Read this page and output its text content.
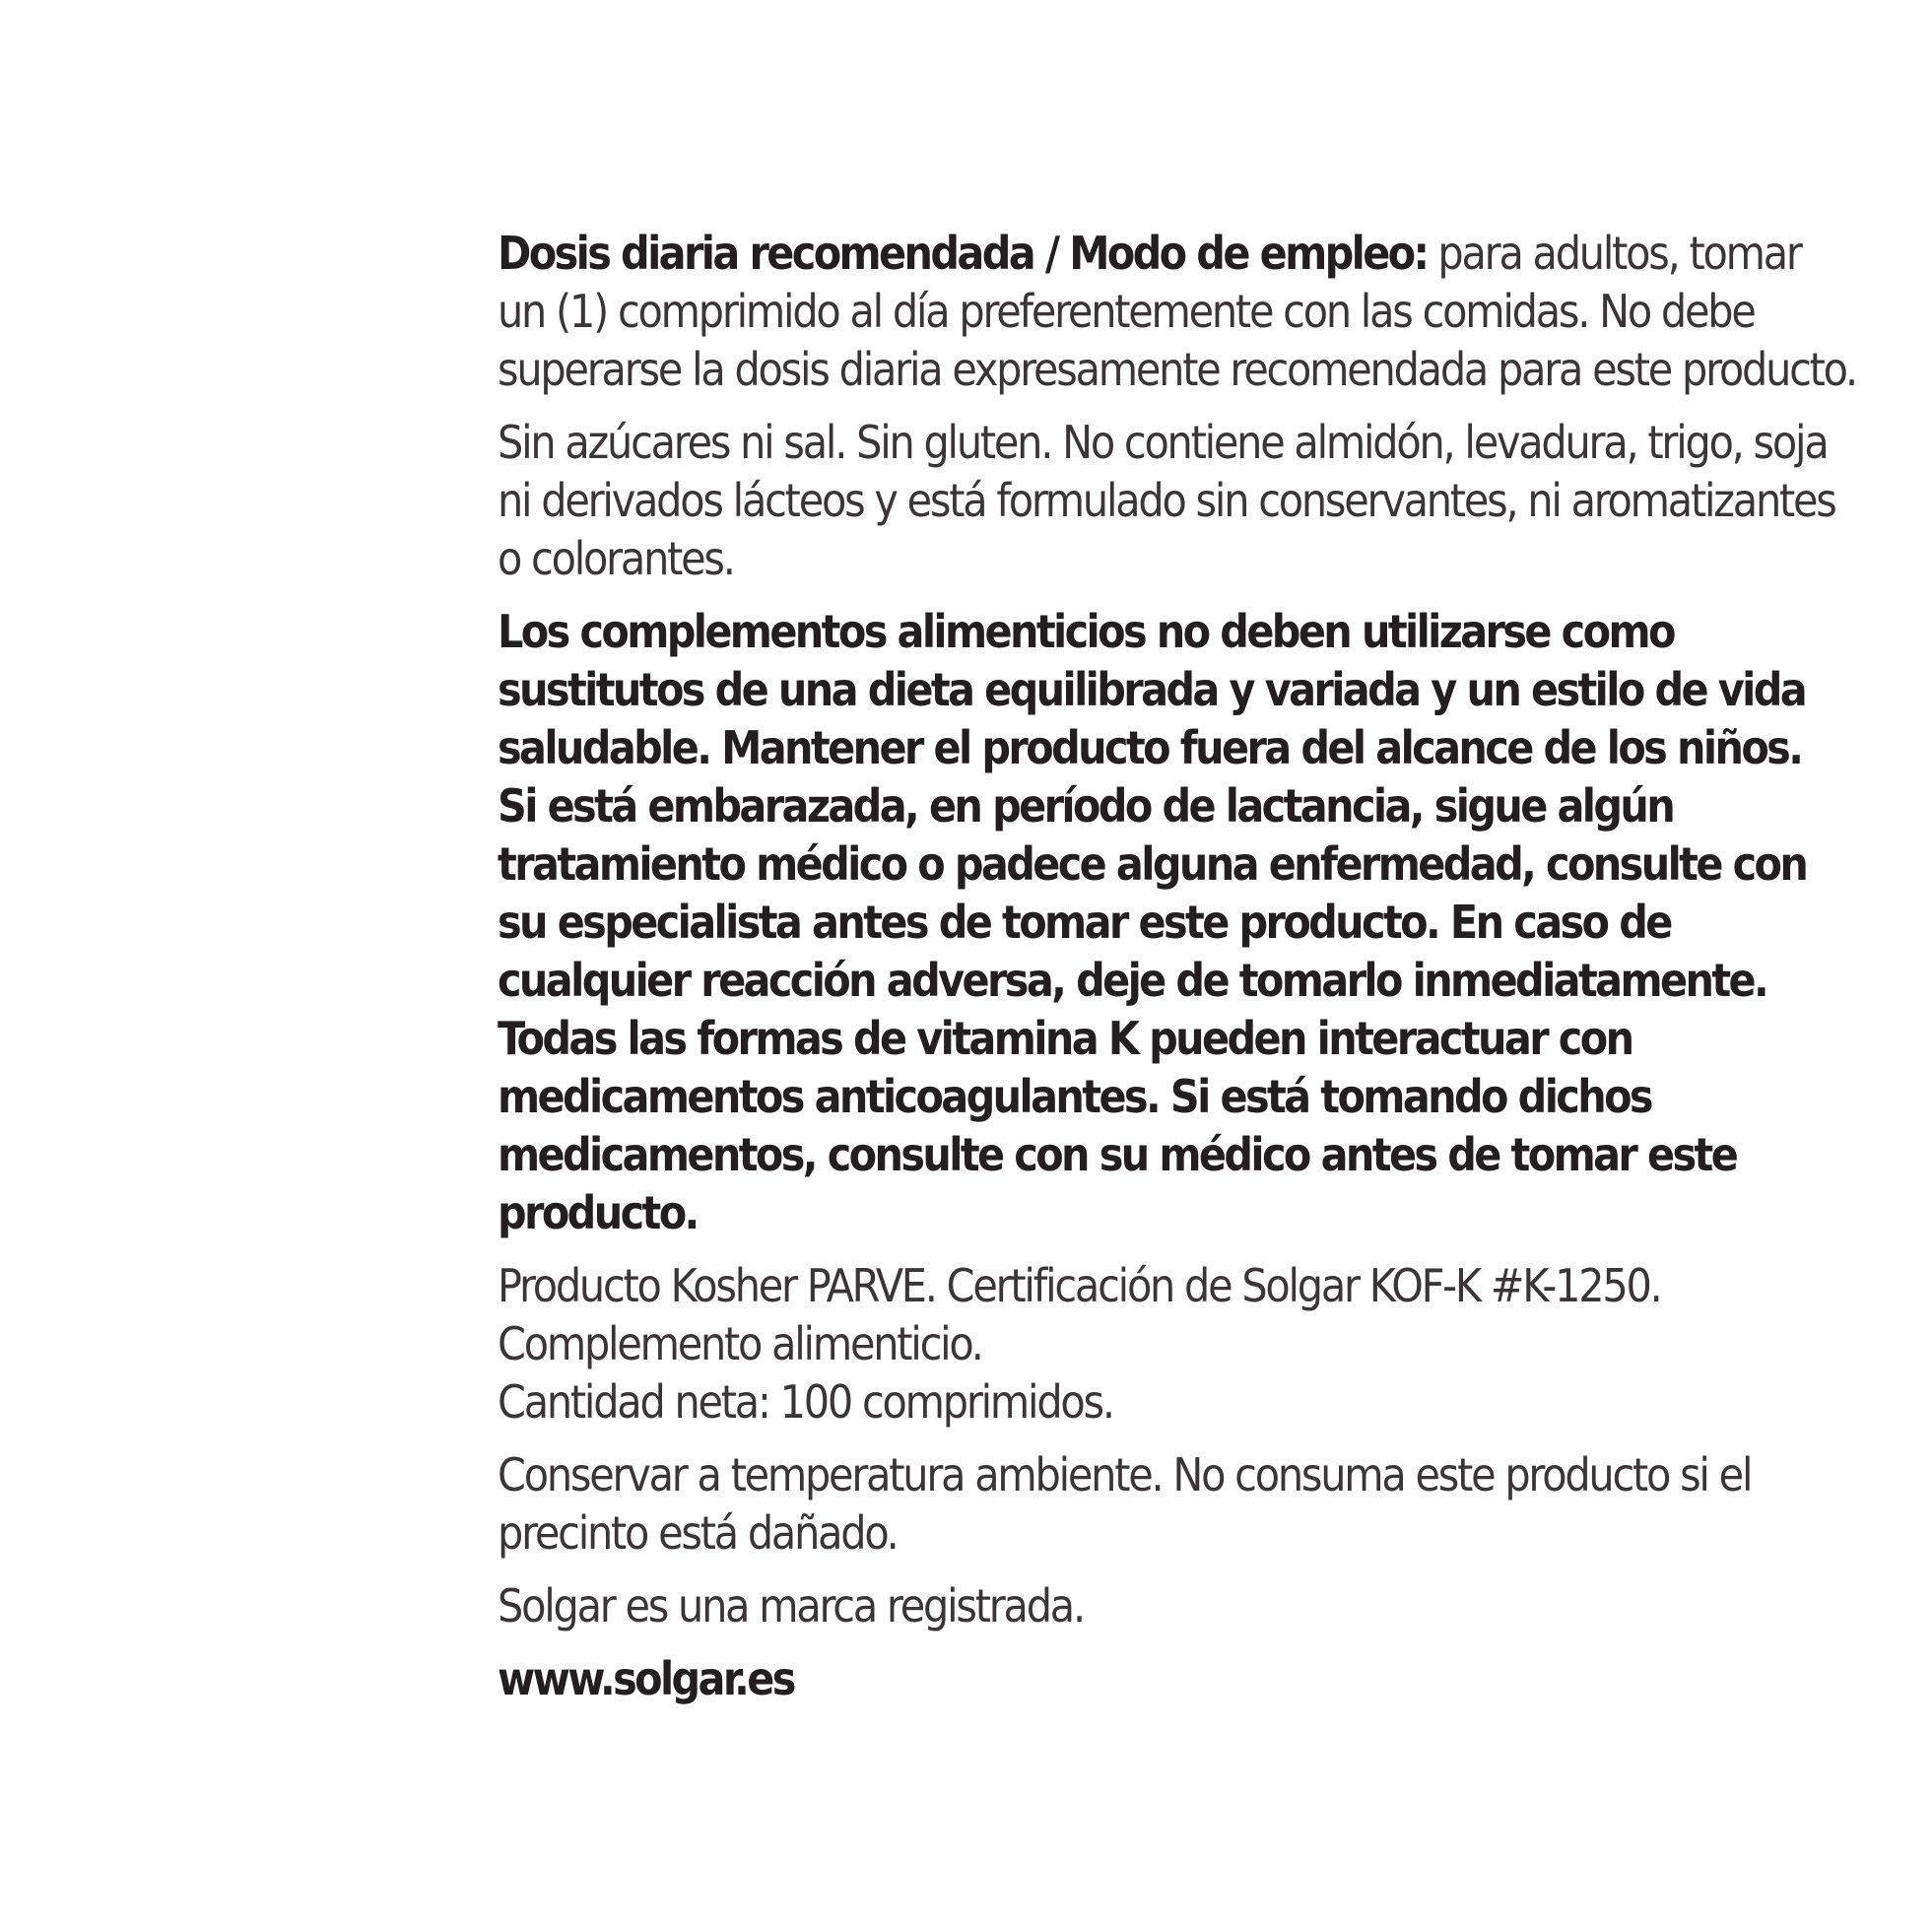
Dosis diaria recomendada / Modo de empleo: para adultos, tomar
un (1) comprimido al día preferentemente con las comidas. No debe
superarse la dosis diaria expresamente recomendada para este producto.

Sin azúcares ni sal. Sin gluten. No contiene almidón, levadura, trigo, soja
ni derivados lácteos y está formulado sin conservantes, ni aromatizantes
o colorantes.

Los complementos alimenticios no deben utilizarse como
sustitutos de una dieta equilibrada y variada y un estilo de vida
saludable. Mantener el producto fuera del alcance de los niños.
Si está embarazada, en período de lactancia, sigue algún
tratamiento médico o padece alguna enfermedad, consulte con
su especialista antes de tomar este producto. En caso de
cualquier reacción adversa, deje de tomarlo inmediatamente.
Todas las formas de vitamina K pueden interactuar con
medicamentos anticoagulantes. Si está tomando dichos
medicamentos, consulte con su médico antes de tomar este
producto.

Producto Kosher PARVE. Certificación de Solgar KOF-K #K-1250.
Complemento alimenticio.
Cantidad neta: 100 comprimidos.

Conservar a temperatura ambiente. No consuma este producto si el
precinto está dañado.

Solgar es una marca registrada.

www.solgar.es
